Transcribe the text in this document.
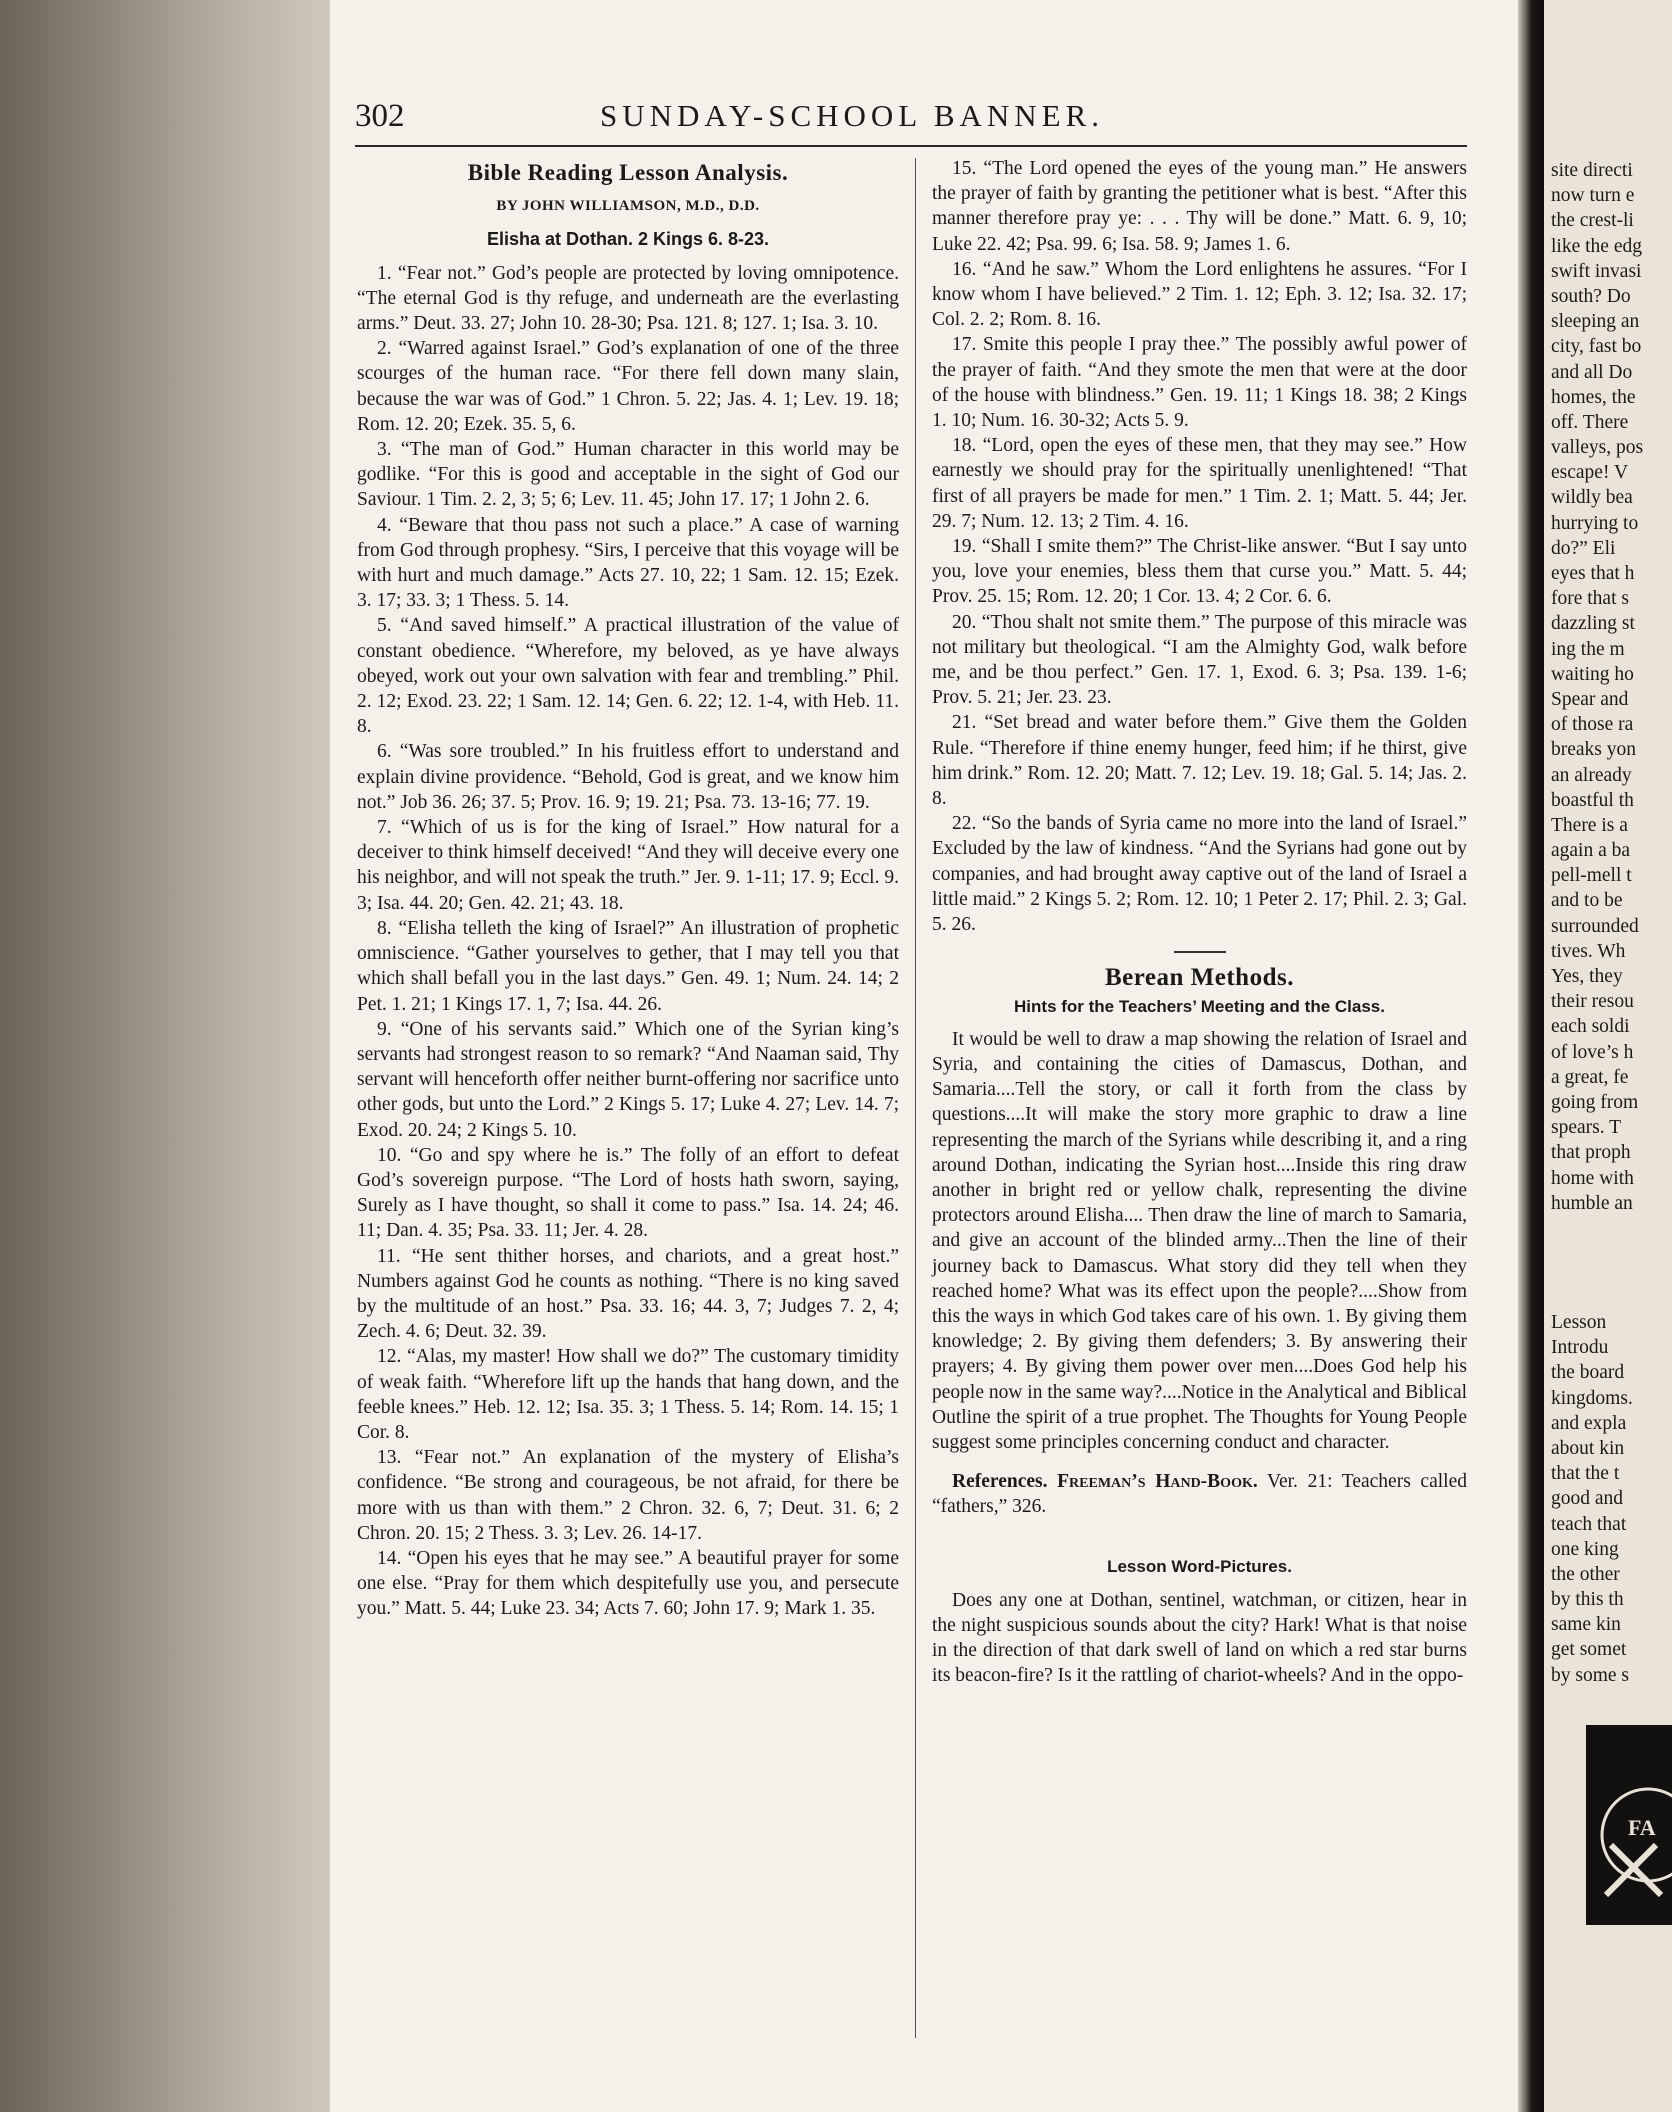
302	SUNDAY-SCHOOL BANNER.
Bible Reading Lesson Analysis.
BY JOHN WILLIAMSON, M.D., D.D.
Elisha at Dothan. 2 Kings 6. 8-23.

1. “Fear not.” God’s people are protected by loving omnipotence. “The eternal God is thy refuge, and underneath are the everlasting arms.” Deut. 33. 27; John 10. 28-30; Psa. 121. 8; 127. 1; Isa. 3. 10.

2. “Warred against Israel.” God’s explanation of one of the three scourges of the human race. “For there fell down many slain, because the war was of God.” 1 Chron. 5. 22; Jas. 4. 1; Lev. 19. 18; Rom. 12. 20; Ezek. 35. 5, 6.

3. “The man of God.” Human character in this world may be godlike. “For this is good and acceptable in the sight of God our Saviour. 1 Tim. 2. 2, 3; 5; 6; Lev. 11. 45; John 17. 17; 1 John 2. 6.

4. “Beware that thou pass not such a place.” A case of warning from God through prophesy. “Sirs, I perceive that this voyage will be with hurt and much damage.” Acts 27. 10, 22; 1 Sam. 12. 15; Ezek. 3. 17; 33. 3; 1 Thess. 5. 14.

5. “And saved himself.” A practical illustration of the value of constant obedience. “Wherefore, my beloved, as ye have always obeyed, work out your own salvation with fear and trembling.” Phil. 2. 12; Exod. 23. 22; 1 Sam. 12. 14; Gen. 6. 22; 12. 1-4, with Heb. 11. 8.

6. “Was sore troubled.” In his fruitless effort to understand and explain divine providence. “Behold, God is great, and we know him not.” Job 36. 26; 37. 5; Prov. 16. 9; 19. 21; Psa. 73. 13-16; 77. 19.

7. “Which of us is for the king of Israel.” How natural for a deceiver to think himself deceived! “And they will deceive every one his neighbor, and will not speak the truth.” Jer. 9. 1-11; 17. 9; Eccl. 9. 3; Isa. 44. 20; Gen. 42. 21; 43. 18.

8. “Elisha telleth the king of Israel?” An illustration of prophetic omniscience. “Gather yourselves to gether, that I may tell you that which shall befall you in the last days.” Gen. 49. 1; Num. 24. 14; 2 Pet. 1. 21; 1 Kings 17. 1, 7; Isa. 44. 26.

9. “One of his servants said.” Which one of the Syrian king’s servants had strongest reason to so remark? “And Naaman said, Thy servant will henceforth offer neither burnt-offering nor sacrifice unto other gods, but unto the Lord.” 2 Kings 5. 17; Luke 4. 27; Lev. 14. 7; Exod. 20. 24; 2 Kings 5. 10.

10. “Go and spy where he is.” The folly of an effort to defeat God’s sovereign purpose. “The Lord of hosts hath sworn, saying, Surely as I have thought, so shall it come to pass.” Isa. 14. 24; 46. 11; Dan. 4. 35; Psa. 33. 11; Jer. 4. 28.

11. “He sent thither horses, and chariots, and a great host.” Numbers against God he counts as nothing. “There is no king saved by the multitude of an host.” Psa. 33. 16; 44. 3, 7; Judges 7. 2, 4; Zech. 4. 6; Deut. 32. 39.

12. “Alas, my master! How shall we do?” The customary timidity of weak faith. “Wherefore lift up the hands that hang down, and the feeble knees.” Heb. 12. 12; Isa. 35. 3; 1 Thess. 5. 14; Rom. 14. 15; 1 Cor. 8.

13. “Fear not.” An explanation of the mystery of Elisha’s confidence. “Be strong and courageous, be not afraid, for there be more with us than with them.” 2 Chron. 32. 6, 7; Deut. 31. 6; 2 Chron. 20. 15; 2 Thess. 3. 3; Lev. 26. 14-17.

14. “Open his eyes that he may see.” A beautiful prayer for some one else. “Pray for them which despitefully use you, and persecute you.” Matt. 5. 44; Luke 23. 34; Acts 7. 60; John 17. 9; Mark 1. 35.

15. “The Lord opened the eyes of the young man.” He answers the prayer of faith by granting the petitioner what is best. “After this manner therefore pray ye: . . . Thy will be done.” Matt. 6. 9, 10; Luke 22. 42; Psa. 99. 6; Isa. 58. 9; James 1. 6.

16. “And he saw.” Whom the Lord enlightens he assures. “For I know whom I have believed.” 2 Tim. 1. 12; Eph. 3. 12; Isa. 32. 17; Col. 2. 2; Rom. 8. 16.

17. Smite this people I pray thee.” The possibly awful power of the prayer of faith. “And they smote the men that were at the door of the house with blindness.” Gen. 19. 11; 1 Kings 18. 38; 2 Kings 1. 10; Num. 16. 30-32; Acts 5. 9.

18. “Lord, open the eyes of these men, that they may see.” How earnestly we should pray for the spiritually unenlightened! “That first of all prayers be made for men.” 1 Tim. 2. 1; Matt. 5. 44; Jer. 29. 7; Num. 12. 13; 2 Tim. 4. 16.

19. “Shall I smite them?” The Christ-like answer. “But I say unto you, love your enemies, bless them that curse you.” Matt. 5. 44; Prov. 25. 15; Rom. 12. 20; 1 Cor. 13. 4; 2 Cor. 6. 6.

20. “Thou shalt not smite them.” The purpose of this miracle was not military but theological. “I am the Almighty God, walk before me, and be thou perfect.” Gen. 17. 1, Exod. 6. 3; Psa. 139. 1-6; Prov. 5. 21; Jer. 23. 23.

21. “Set bread and water before them.” Give them the Golden Rule. “Therefore if thine enemy hunger, feed him; if he thirst, give him drink.” Rom. 12. 20; Matt. 7. 12; Lev. 19. 18; Gal. 5. 14; Jas. 2. 8.

22. “So the bands of Syria came no more into the land of Israel.” Excluded by the law of kindness. “And the Syrians had gone out by companies, and had brought away captive out of the land of Israel a little maid.” 2 Kings 5. 2; Rom. 12. 10; 1 Peter 2. 17; Phil. 2. 3; Gal. 5. 26.

Berean Methods.
Hints for the Teachers’ Meeting and the Class.

It would be well to draw a map showing the relation of Israel and Syria, and containing the cities of Damascus, Dothan, and Samaria....Tell the story, or call it forth from the class by questions....It will make the story more graphic to draw a line representing the march of the Syrians while describing it, and a ring around Dothan, indicating the Syrian host....Inside this ring draw another in bright red or yellow chalk, representing the divine protectors around Elisha.... Then draw the line of march to Samaria, and give an account of the blinded army...Then the line of their journey back to Damascus. What story did they tell when they reached home? What was its effect upon the people?....Show from this the ways in which God takes care of his own. 1. By giving them knowledge; 2. By giving them defenders; 3. By answering their prayers; 4. By giving them power over men....Does God help his people now in the same way?....Notice in the Analytical and Biblical Outline the spirit of a true prophet. The Thoughts for Young People suggest some principles concerning conduct and character.

References. Freeman’s Hand-Book. Ver. 21: Teachers called “fathers,” 326.

Lesson Word-Pictures.

Does any one at Dothan, sentinel, watchman, or citizen, hear in the night suspicious sounds about the city? Hark! What is that noise in the direction of that dark swell of land on which a red star burns its beacon-fire? Is it the rattling of chariot-wheels? And in the oppo-

site directi
now turn e
the crest-li
like the edg
swift invasi
south? Do
sleeping an
city, fast bo
and all Do
homes, the
off. There
valleys, pos
escape! V
wildly bea
hurrying to
do?” Eli
eyes that h
fore that s
dazzling st
ing the m
waiting ho
Spear and
of those ra
breaks yon
an already
boastful th
There is a
again a ba
pell-mell t
and to be
surrounded
tives. Wh
Yes, they
their resou
each soldi
of love’s h
a great, fe
going from
spears. T
that proph
home with
humble an
Lesson
Introdu
the board
kingdoms.
and expla
about kin
that the t
good and
teach that
one king
the other
by this th
same kin
get somet
by some s
FA
